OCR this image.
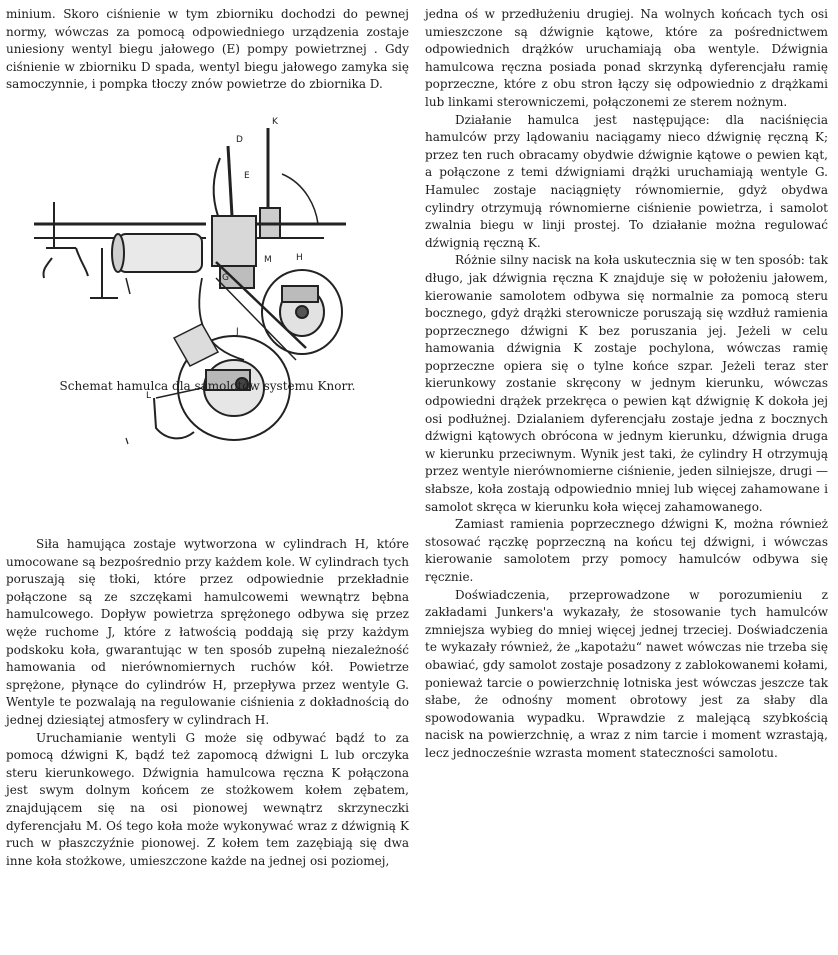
minium. Skoro ciśnienie w tym zbiorniku dochodzi do pewnej normy, wówczas za pomocą odpowiedniego urządzenia zostaje uniesiony wentyl biegu jałowego (E) pompy powietrznej . Gdy ciśnienie w zbiorniku D spada, wentyl biegu jałowego zamyka się samoczynnie, i pompka tłoczy znów powietrze do zbiornika D.

D
E
M
G
H
J
K
L
Schemat hamulca dla samolotów systemu Knorr.

Siła hamująca zostaje wytworzona w cylindrach H, które umocowane są bezpośrednio przy każdem kole. W cylindrach tych poruszają się tłoki, które przez odpowiednie przekładnie połączone są ze szczękami hamulcowemi wewnątrz bębna hamulcowego. Dopływ powietrza sprężonego odbywa się przez węże ruchome J, które z łatwością poddają się przy każdym podskoku koła, gwarantując w ten sposób zupełną niezależność hamowania od nierównomiernych ruchów kół. Powietrze sprężone, płynące do cylindrów H, przepływa przez wentyle G. Wentyle te pozwalają na regulowanie ciśnienia z dokładnością do jednej dziesiątej atmosfery w cylindrach H.

Uruchamianie wentyli G może się odbywać bądź to za pomocą dźwigni K, bądź też zapomocą dźwigni L lub orczyka steru kierunkowego. Dźwignia hamulcowa ręczna K połączona jest swym dolnym końcem ze stożkowem kołem zębatem, znajdującem się na osi pionowej wewnątrz skrzyneczki dyferencjału M. Oś tego koła może wykonywać wraz z dźwignią K ruch w płaszczyźnie pionowej. Z kołem tem zazębiają się dwa inne koła stożkowe, umieszczone każde na jednej osi poziomej,

jedna oś w przedłużeniu drugiej. Na wolnych końcach tych osi umieszczone są dźwignie kątowe, które za pośrednictwem odpowiednich drążków uruchamiają oba wentyle. Dźwignia hamulcowa ręczna posiada ponad skrzynką dyferencjału ramię poprzeczne, które z obu stron łączy się odpowiednio z drążkami lub linkami sterowniczemi, połączonemi ze sterem nożnym.

Działanie hamulca jest następujące: dla naciśnięcia hamulców przy lądowaniu naciągamy nieco dźwignię ręczną K; przez ten ruch obracamy obydwie dźwignie kątowe o pewien kąt, a połączone z temi dźwigniami drążki uruchamiają wentyle G. Hamulec zostaje naciągnięty równomiernie, gdyż obydwa cylindry otrzymują równomierne ciśnienie powietrza, i samolot zwalnia biegu w linji prostej. To działanie można regulować dźwignią ręczną K.

Różnie silny nacisk na koła uskutecznia się w ten sposób: tak długo, jak dźwignia ręczna K znajduje się w położeniu jałowem, kierowanie samolotem odbywa się normalnie za pomocą steru bocznego, gdyż drążki sterownicze poruszają się wzdłuż ramienia poprzecznego dźwigni K bez poruszania jej. Jeżeli w celu hamowania dźwignia K zostaje pochylona, wówczas ramię poprzeczne opiera się o tylne końce szpar. Jeżeli teraz ster kierunkowy zostanie skręcony w jednym kierunku, wówczas odpowiedni drążek przekręca o pewien kąt dźwignię K dokoła jej osi podłużnej. Dzialaniem dyferencjału zostaje jedna z bocznych dźwigni kątowych obrócona w jednym kierunku, dźwignia druga w kierunku przeciwnym. Wynik jest taki, że cylindry H otrzymują przez wentyle nierównomierne ciśnienie, jeden silniejsze, drugi — słabsze, koła zostają odpowiednio mniej lub więcej zahamowane i samolot skręca w kierunku koła więcej zahamowanego.

Zamiast ramienia poprzecznego dźwigni K, można również stosować rączkę poprzeczną na końcu tej dźwigni, i wówczas kierowanie samolotem przy pomocy hamulców odbywa się ręcznie.

Doświadczenia, przeprowadzone w porozumieniu z zakładami Junkers'a wykazały, że stosowanie tych hamulców zmniejsza wybieg do mniej więcej jednej trzeciej. Doświadczenia te wykazały również, że „kapotażu“ nawet wówczas nie trzeba się obawiać, gdy samolot zostaje posadzony z zablokowanemi kołami, ponieważ tarcie o powierzchnię lotniska jest wówczas jeszcze tak słabe, że odnośny moment obrotowy jest za słaby dla spowodowania wypadku. Wprawdzie z malejącą szybkością nacisk na powierzchnię, a wraz z nim tarcie i moment wzrastają, lecz jednocześnie wzrasta moment stateczności samolotu.
